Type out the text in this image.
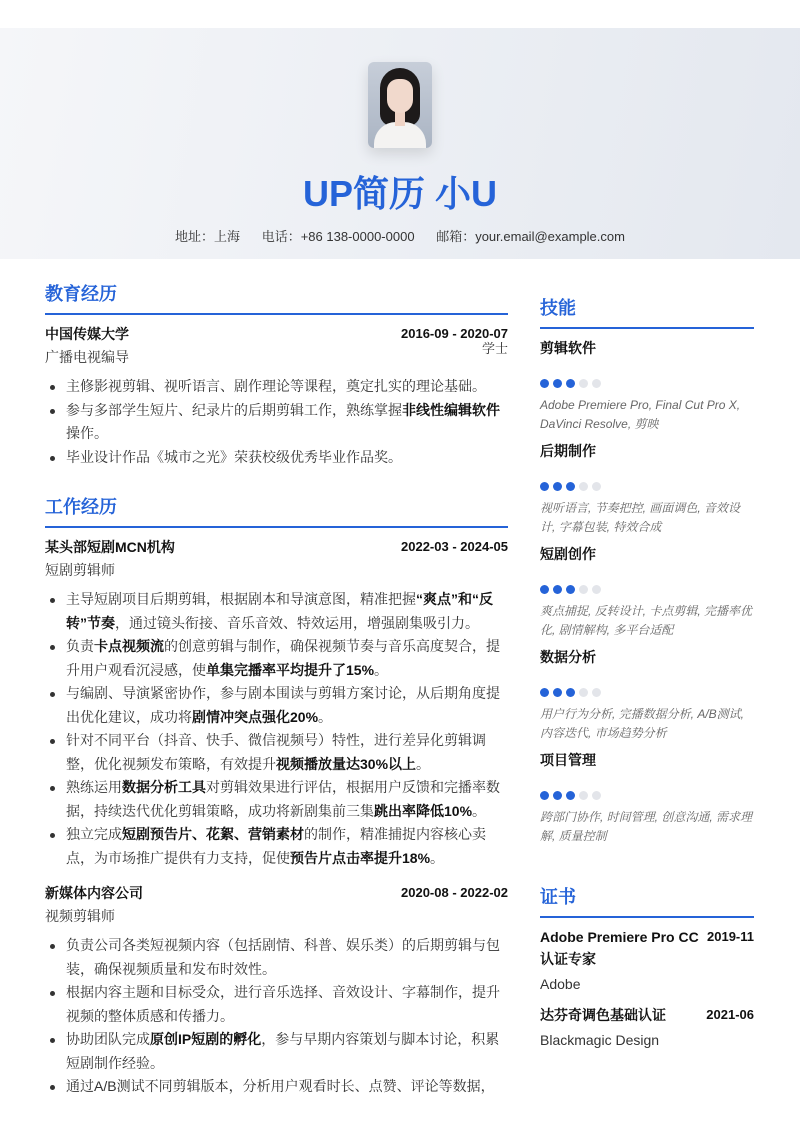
UP简历 小U
地址：上海 电话：+86 138-0000-0000 邮箱：your.email@example.com
教育经历
中国传媒大学	2016-09 - 2020-07
广播电视编导
学士
主修影视剪辑、视听语言、剧作理论等课程，奠定扎实的理论基础。
参与多部学生短片、纪录片的后期剪辑工作，熟练掌握非线性编辑软件操作。
毕业设计作品《城市之光》荣获校级优秀毕业作品奖。
工作经历
某头部短剧MCN机构	2022-03 - 2024-05
短剧剪辑师
主导短剧项目后期剪辑，根据剧本和导演意图，精准把握“爽点”和“反转”节奏，通过镜头衔接、音乐音效、特效运用，增强剧集吸引力。
负责卡点视频流的创意剪辑与制作，确保视频节奏与音乐高度契合，提升用户观看沉浸感，使单集完播率平均提升了15%。
与编剧、导演紧密协作，参与剧本围读与剪辑方案讨论，从后期角度提出优化建议，成功将剧情冲突点强化20%。
针对不同平台（抖音、快手、微信视频号）特性，进行差异化剪辑调整，优化视频发布策略，有效提升视频播放量达30%以上。
熟练运用数据分析工具对剪辑效果进行评估，根据用户反馈和完播率数据，持续迭代优化剪辑策略，成功将新剧集前三集跳出率降低10%。
独立完成短剧预告片、花絮、营销素材的制作，精准捕捉内容核心卖点，为市场推广提供有力支持，促使预告片点击率提升18%。
新媒体内容公司	2020-08 - 2022-02
视频剪辑师
负责公司各类短视频内容（包括剧情、科普、娱乐类）的后期剪辑与包装，确保视频质量和发布时效性。
根据内容主题和目标受众，进行音乐选择、音效设计、字幕制作，提升视频的整体质感和传播力。
协助团队完成原创IP短剧的孵化，参与早期内容策划与脚本讨论，积累短剧制作经验。
通过A/B测试不同剪辑版本，分析用户观看时长、点赞、评论等数据，
技能
剪辑软件
Adobe Premiere Pro, Final Cut Pro X, DaVinci Resolve, 剪映
后期制作
视听语言, 节奏把控, 画面调色, 音效设计, 字幕包装, 特效合成
短剧创作
爽点捕捉, 反转设计, 卡点剪辑, 完播率优化, 剧情解构, 多平台适配
数据分析
用户行为分析, 完播数据分析, A/B测试, 内容迭代, 市场趋势分析
项目管理
跨部门协作, 时间管理, 创意沟通, 需求理解, 质量控制
证书
Adobe Premiere Pro CC 认证专家
2019-11
Adobe
达芬奇调色基础认证	2021-06
Blackmagic Design
